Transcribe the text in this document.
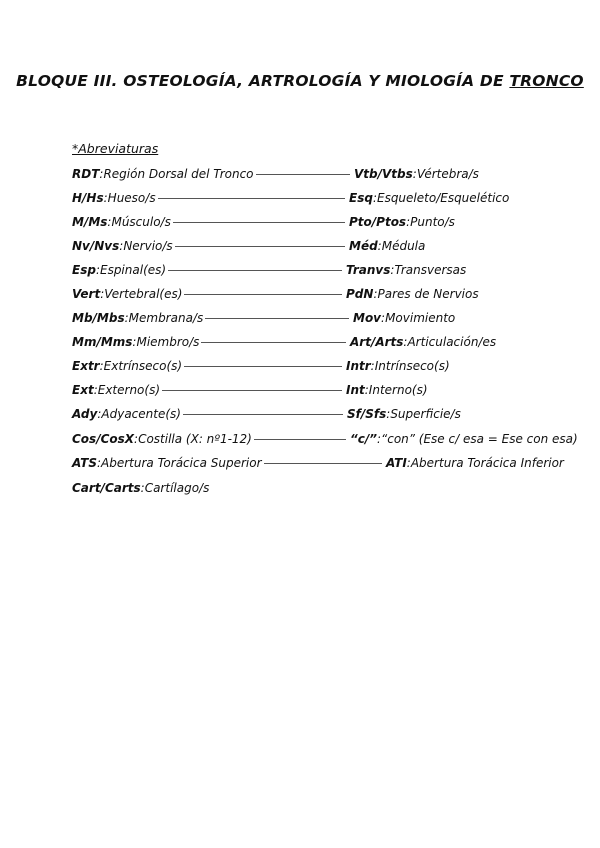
BLOQUE III. OSTEOLOGÍA, ARTROLOGÍA Y MIOLOGÍA DE TRONCO
*Abreviaturas
RDT : Región Dorsal del Tronco	Vtb/Vtbs : Vértebra/s
H/Hs : Hueso/s	Esq : Esqueleto/Esquelético
M/Ms : Músculo/s	Pto/Ptos : Punto/s
Nv/Nvs : Nervio/s	Méd : Médula
Esp : Espinal(es)	Tranvs : Transversas
Vert : Vertebral(es)	PdN : Pares de Nervios
Mb/Mbs : Membrana/s	Mov : Movimiento
Mm/Mms : Miembro/s	Art/Arts : Articulación/es
Extr : Extrínseco(s)	Intr : Intrínseco(s)
Ext : Externo(s)	Int : Interno(s)
Ady : Adyacente(s)	Sf/Sfs : Superficie/s
Cos/CosX : Costilla (X: nº1-12)	“c/” : “con” (Ese c/ esa = Ese con esa)
ATS : Abertura Torácica Superior	ATI : Abertura Torácica Inferior
Cart/Carts : Cartílago/s
